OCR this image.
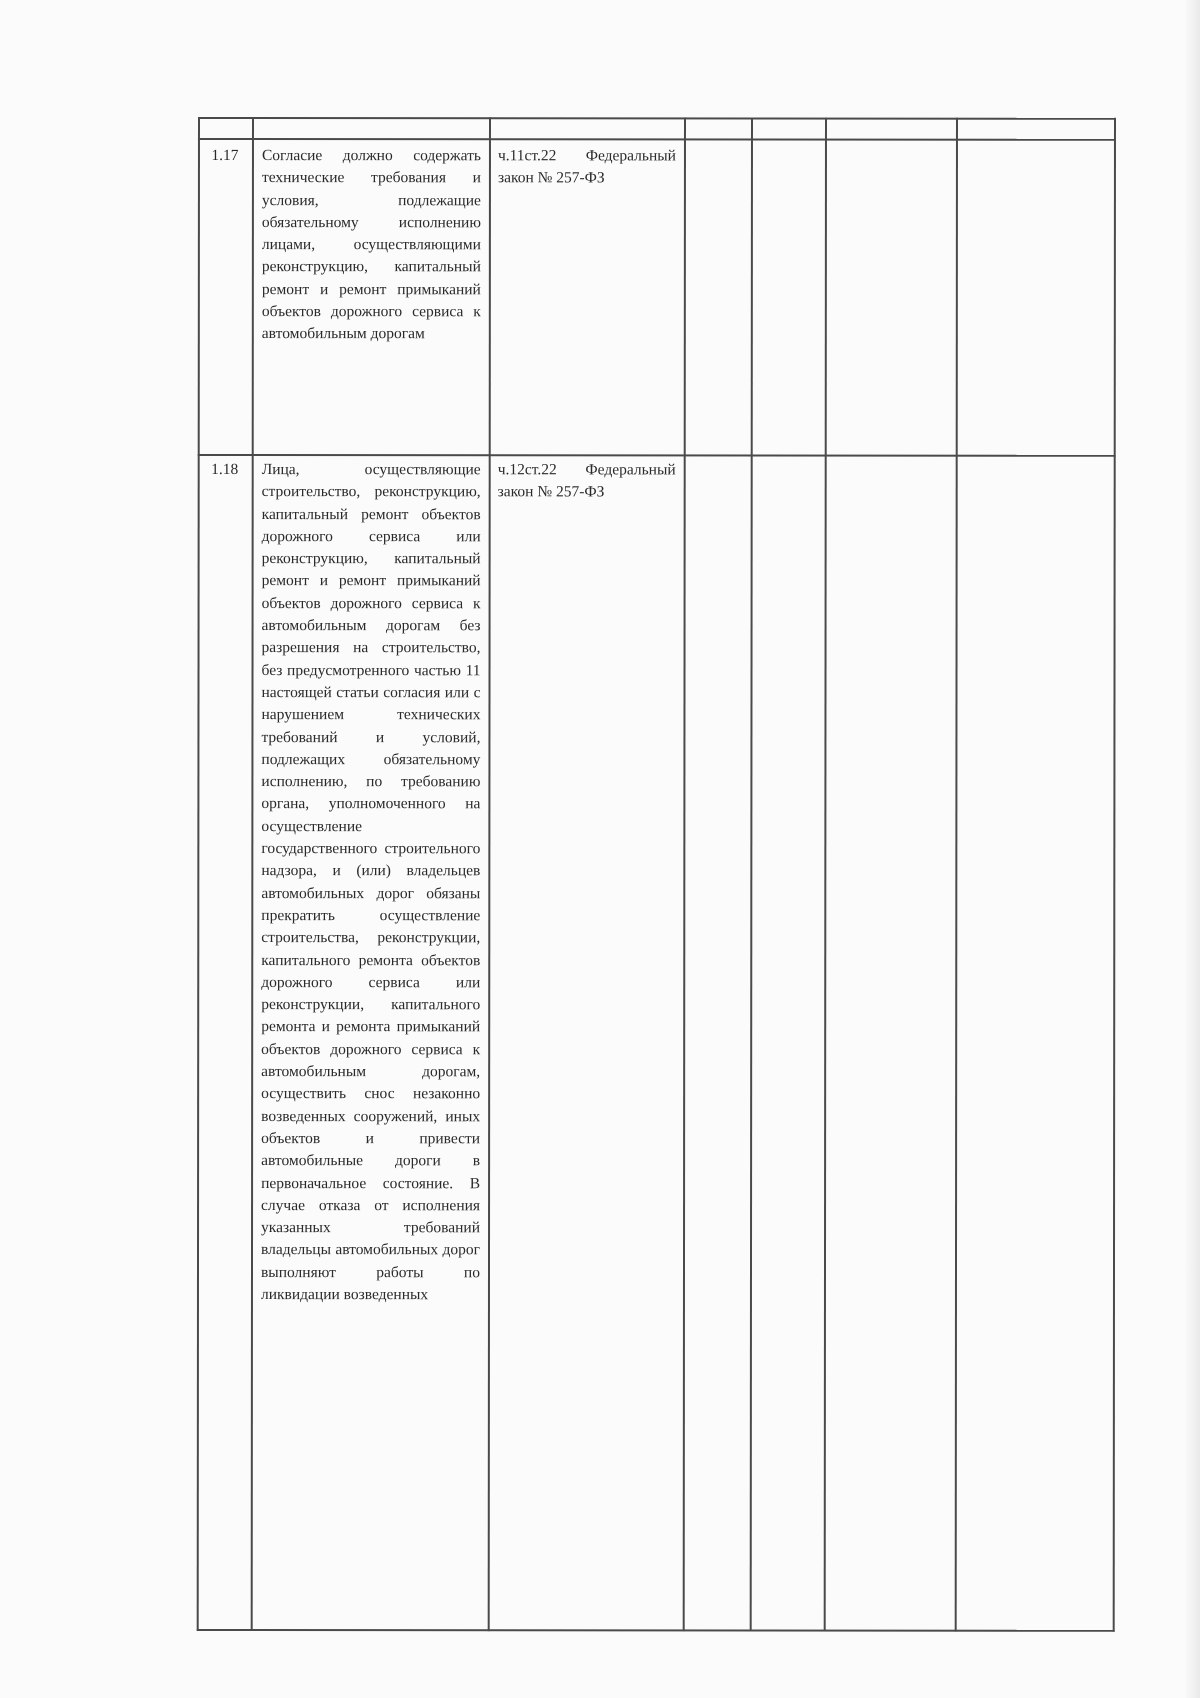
1.17	Согласие должно содержать технические требования и условия, подлежащие обязательному исполнению лицами, осуществляющими реконструкцию, капитальный ремонт и ремонт примыканий объектов дорожного сервиса к автомобильным дорогам
ч.11ст.22 Федеральный закон № 257-ФЗ
1.18	Лица, осуществляющие строительство, реконструкцию, капитальный ремонт объектов дорожного сервиса или реконструкцию, капитальный ремонт и ремонт примыканий объектов дорожного сервиса к автомобильным дорогам без разрешения на строительство, без предусмотренного частью 11 настоящей статьи согласия или с нарушением технических требований и условий, подлежащих обязательному исполнению, по требованию органа, уполномоченного на осуществление государственного строительного надзора, и (или) владельцев автомобильных дорог обязаны прекратить осуществление строительства, реконструкции, капитального ремонта объектов дорожного сервиса или реконструкции, капитального ремонта и ремонта примыканий объектов дорожного сервиса к автомобильным дорогам, осуществить снос незаконно возведенных сооружений, иных объектов и привести автомобильные дороги в первоначальное состояние. В случае отказа от исполнения указанных требований владельцы автомобильных дорог выполняют работы по ликвидации возведенных
ч.12ст.22 Федеральный закон № 257-ФЗ
